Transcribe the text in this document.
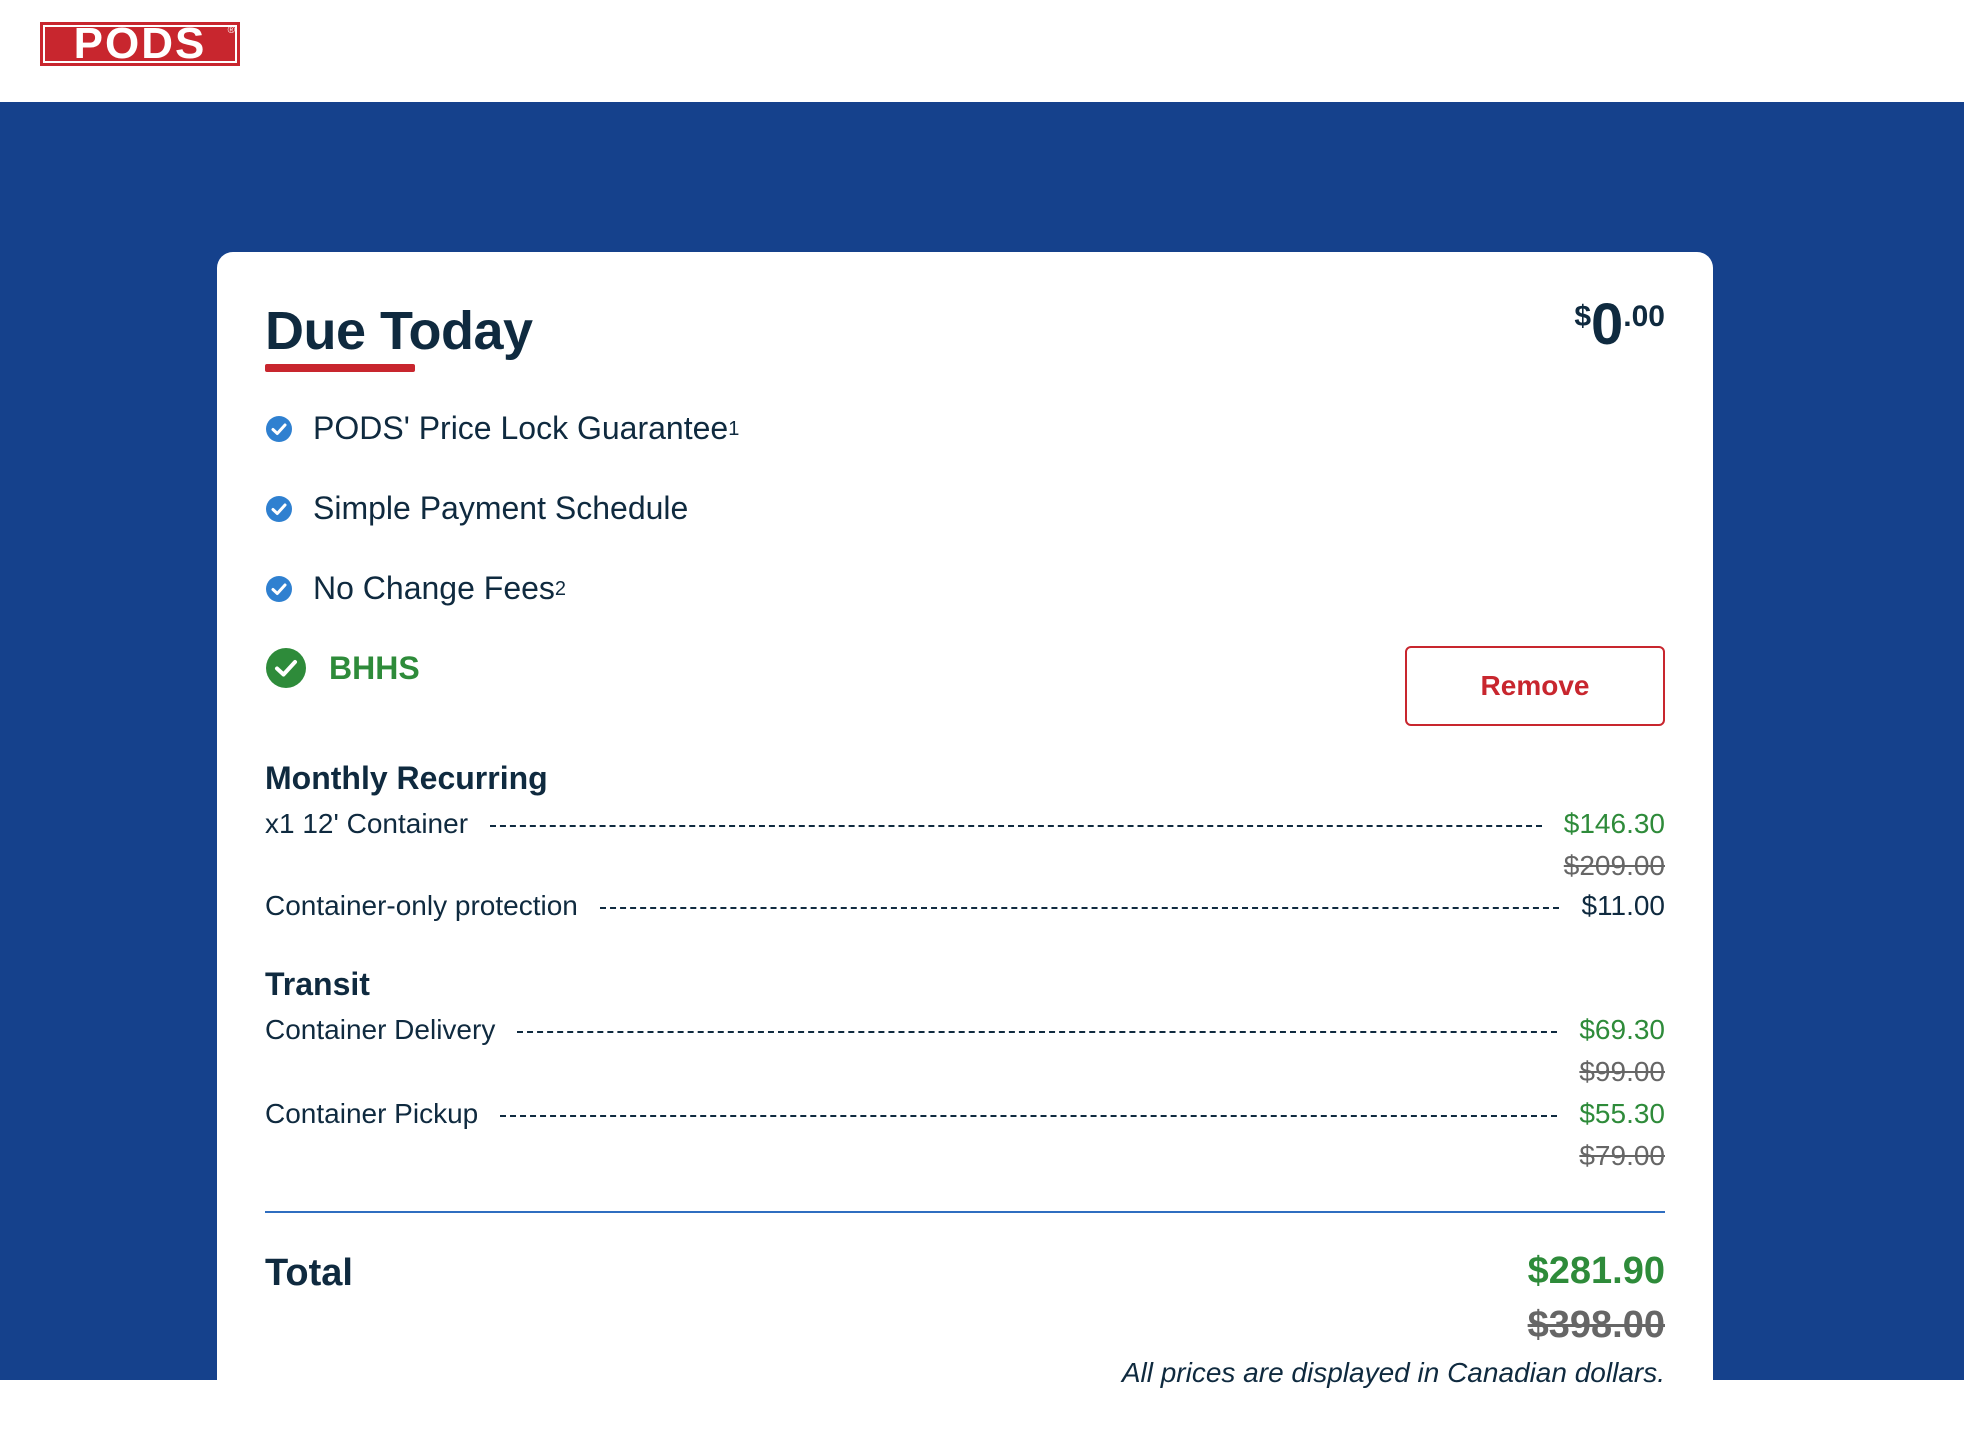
PODS	®
Due Today	$ 0 .00
PODS' Price Lock Guarantee 1
Simple Payment Schedule
No Change Fees 2
BHHS	Remove
Monthly Recurring
x1 12' Container	$146.30
$209.00
Container-only protection	$11.00
Transit
Container Delivery	$69.30
$99.00
Container Pickup	$55.30
$79.00
Total	$281.90
$398.00
All prices are displayed in Canadian dollars.
